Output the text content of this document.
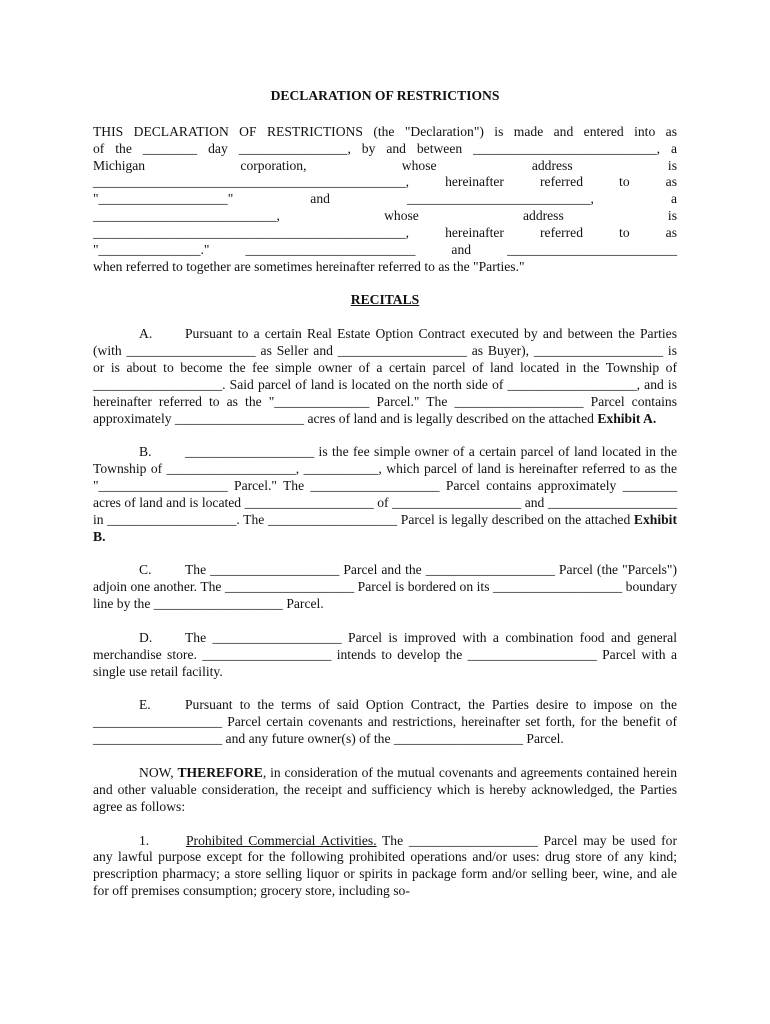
DECLARATION OF RESTRICTIONS
THIS DECLARATION OF RESTRICTIONS (the "Declaration") is made and entered into as
of the ________ day ________________, by and between ___________________________, a
Michigan corporation, whose address is
______________________________________________, hereinafter referred to as
"___________________" and ___________________________, a
___________________________, whose address is
______________________________________________, hereinafter referred to as
"_______________." _________________________ and _________________________
when referred to together are sometimes hereinafter referred to as the "Parties."
RECITALS
A. Pursuant to a certain Real Estate Option Contract executed by and between the Parties (with ___________________ as Seller and ___________________ as Buyer), ___________________ is or is about to become the fee simple owner of a certain parcel of land located in the Township of ___________________. Said parcel of land is located on the north side of ___________________, and is hereinafter referred to as the "______________ Parcel." The ___________________ Parcel contains approximately ___________________ acres of land and is legally described on the attached Exhibit A.
B. ___________________ is the fee simple owner of a certain parcel of land located in the Township of ___________________, ___________, which parcel of land is hereinafter referred to as the "___________________ Parcel." The ___________________ Parcel contains approximately ________ acres of land and is located ___________________ of ___________________ and ___________________ in ___________________. The ___________________ Parcel is legally described on the attached Exhibit B.
C. The ___________________ Parcel and the ___________________ Parcel (the "Parcels") adjoin one another. The ___________________ Parcel is bordered on its ___________________ boundary line by the ___________________ Parcel.
D. The ___________________ Parcel is improved with a combination food and general merchandise store. ___________________ intends to develop the ___________________ Parcel with a single use retail facility.
E.	Pursuant to the terms of said Option Contract, the Parties desire to impose on the ___________________ Parcel certain covenants and restrictions, hereinafter set forth, for the benefit of ___________________ and any future owner(s) of the ___________________ Parcel.
NOW, THEREFORE, in consideration of the mutual covenants and agreements contained herein and other valuable consideration, the receipt and sufficiency which is hereby acknowledged, the Parties agree as follows:
1.	Prohibited Commercial Activities. The ___________________ Parcel may be used for any lawful purpose except for the following prohibited operations and/or uses: drug store of any kind; prescription pharmacy; a store selling liquor or spirits in package form and/or selling beer, wine, and ale for off premises consumption; grocery store, including so-
